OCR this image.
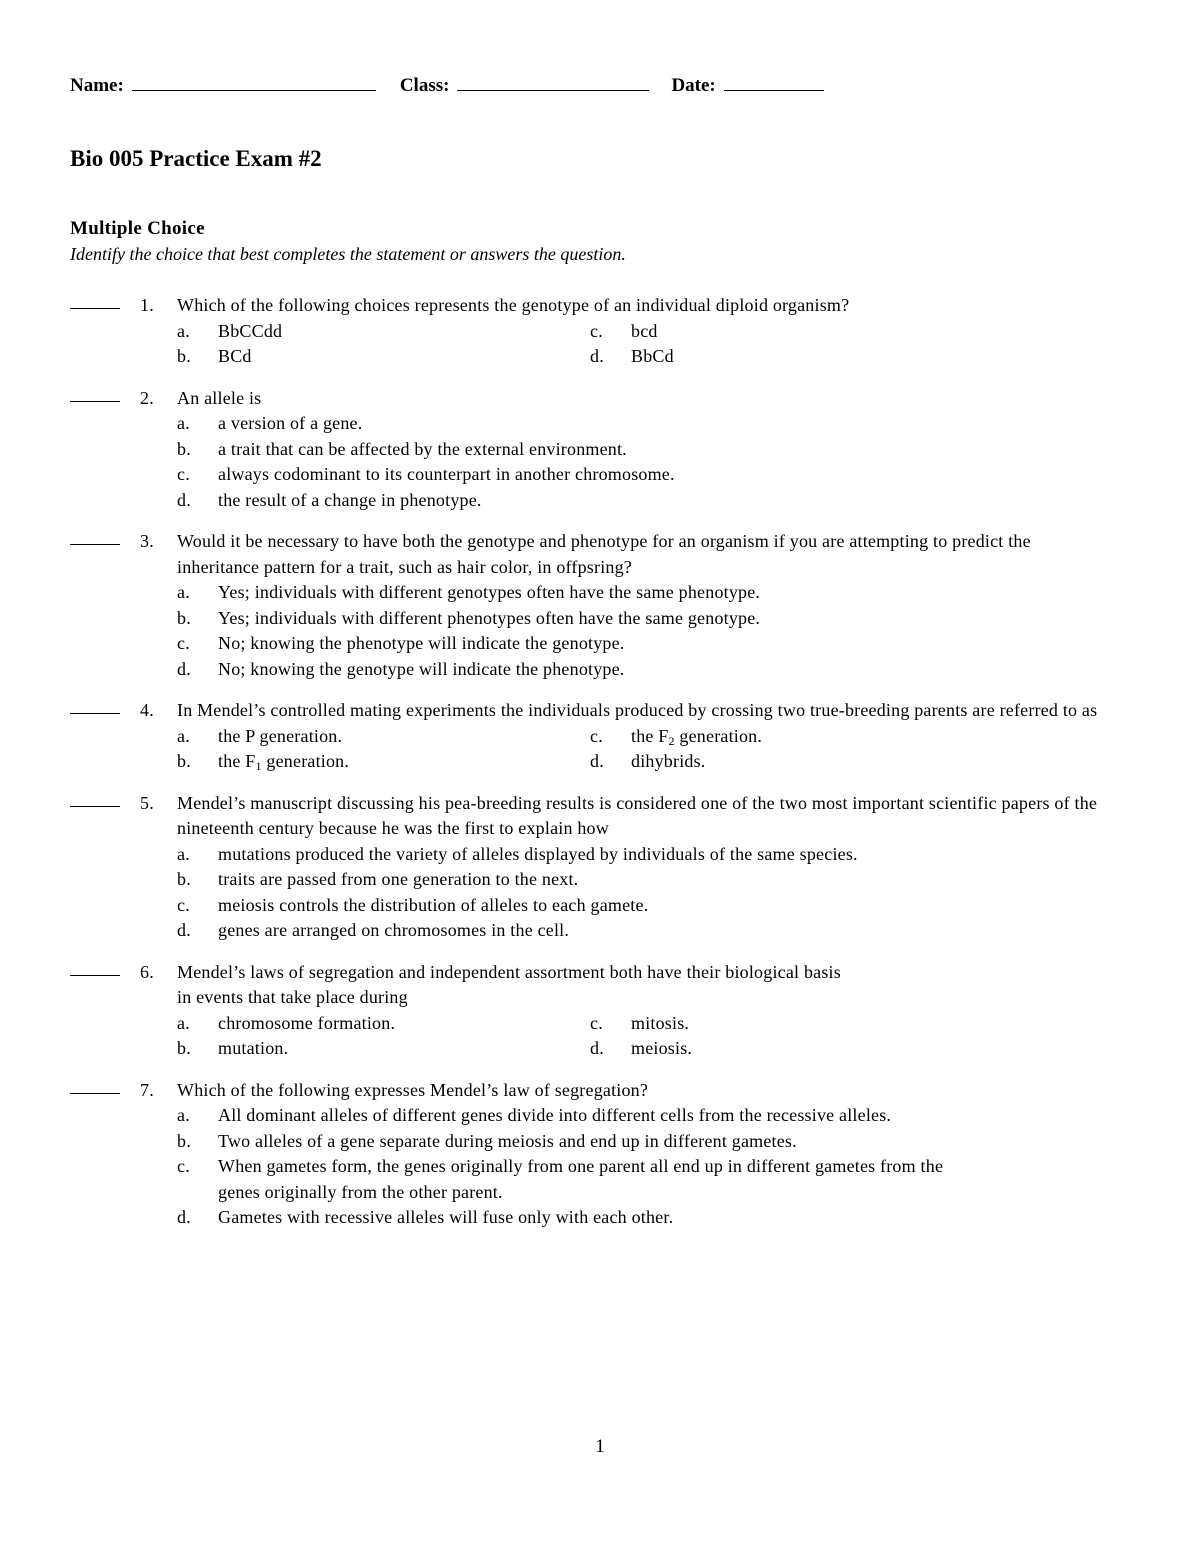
Name:	Class:	Date:
Bio 005 Practice Exam #2
Multiple Choice

Identify the choice that best completes the statement or answers the question.

1. Which of the following choices represents the genotype of an individual diploid organism?
a.	BbCCdd	c.	bcd
b.	BCd	d.	BbCd
2. An allele is
a.	a version of a gene.
b.	a trait that can be affected by the external environment.
c.	always codominant to its counterpart in another chromosome.
d.	the result of a change in phenotype.
3. Would it be necessary to have both the genotype and phenotype for an organism if you are attempting to predict the inheritance pattern for a trait, such as hair color, in offpsring?
a.	Yes; individuals with different genotypes often have the same phenotype.
b.	Yes; individuals with different phenotypes often have the same genotype.
c.	No; knowing the phenotype will indicate the genotype.
d.	No; knowing the genotype will indicate the phenotype.
4. In Mendel’s controlled mating experiments the individuals produced by crossing two true-breeding parents are referred to as
a.	the P generation.	c.	the $F_2$ generation.
b.	the $F_1$ generation.	d.	dihybrids.
5. Mendel’s manuscript discussing his pea-breeding results is considered one of the two most important scientific papers of the nineteenth century because he was the first to explain how
a.	mutations produced the variety of alleles displayed by individuals of the same species.
b.	traits are passed from one generation to the next.
c.	meiosis controls the distribution of alleles to each gamete.
d.	genes are arranged on chromosomes in the cell.
6. Mendel’s laws of segregation and independent assortment both have their biological basis
in events that take place during
a.	chromosome formation.	c.	mitosis.
b.	mutation.	d.	meiosis.
7. Which of the following expresses Mendel’s law of segregation?
a.	All dominant alleles of different genes divide into different cells from the recessive alleles.
b.	Two alleles of a gene separate during meiosis and end up in different gametes.
c.	When gametes form, the genes originally from one parent all end up in different gametes from the genes originally from the other parent.
d.	Gametes with recessive alleles will fuse only with each other.
1
